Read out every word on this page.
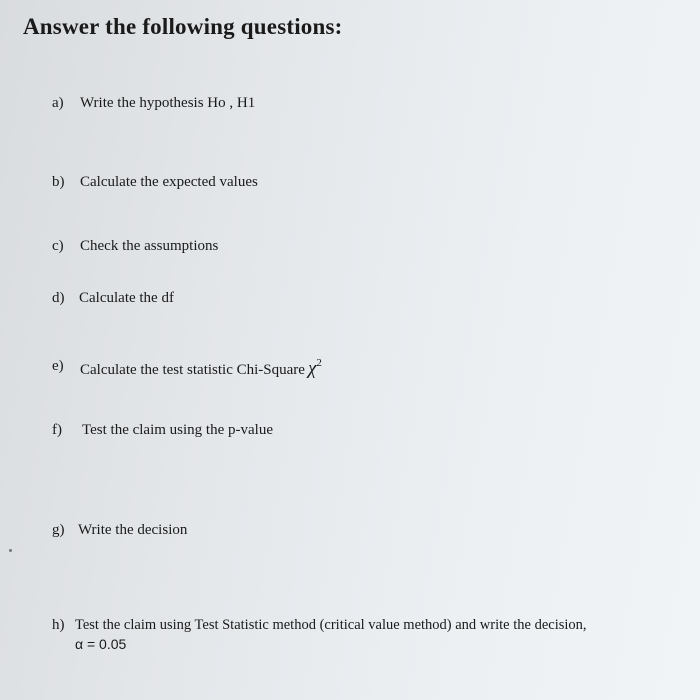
Answer the following questions:
a) Write the hypothesis Ho , H1
b) Calculate the expected values
c) Check the assumptions
d) Calculate the df
e) Calculate the test statistic Chi-Square $\chi^2$
f) Test the claim using the p-value
g) Write the decision
h) Test the claim using Test Statistic method (critical value method) and write the decision,
α = 0.05
